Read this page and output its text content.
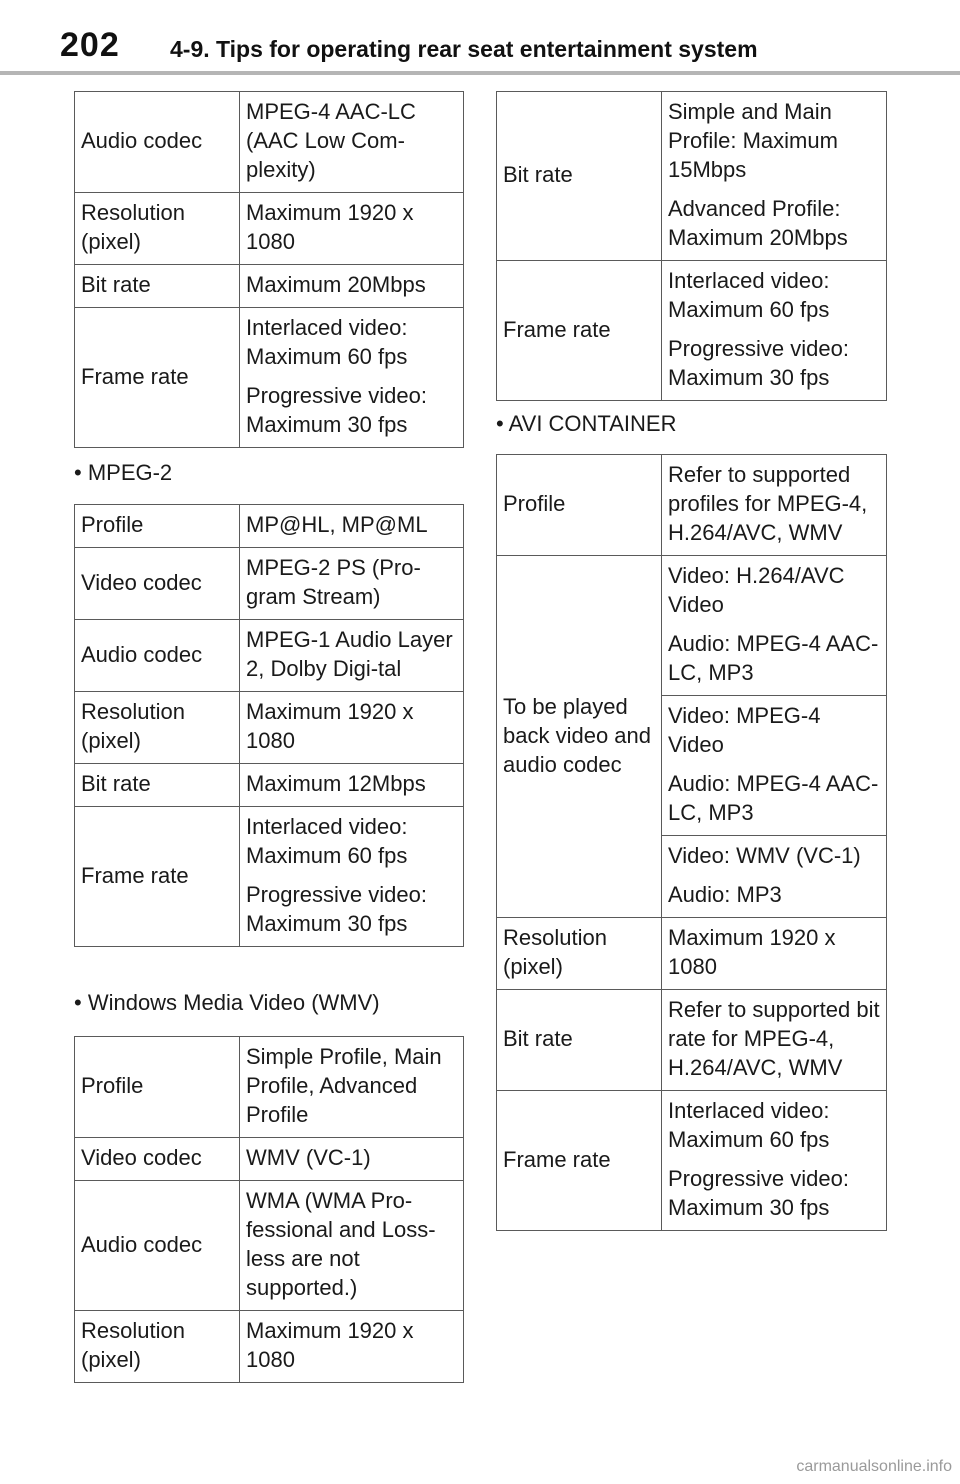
202 4-9. Tips for operating rear seat entertainment system
Audio codec	MPEG-4 AAC-LC (AAC Low Com-plexity)

Resolution (pixel)	Maximum 1920 x 1080

Bit rate	Maximum 20Mbps

Frame rate	Interlaced video: Maximum 60 fps
Progressive video: Maximum 30 fps
• MPEG-2
Profile	MP@HL, MP@ML

Video codec	MPEG-2 PS (Pro-gram Stream)

Audio codec	MPEG-1 Audio Layer 2, Dolby Digi-tal

Resolution (pixel)	Maximum 1920 x 1080

Bit rate	Maximum 12Mbps

Frame rate	Interlaced video: Maximum 60 fps
Progressive video: Maximum 30 fps
• Windows Media Video (WMV)
Profile	Simple Profile, Main Profile, Advanced Profile

Video codec	WMV (VC-1)

Audio codec	WMA (WMA Pro-fessional and Loss-less are not supported.)

Resolution (pixel)	Maximum 1920 x 1080
Bit rate	Simple and Main Profile: Maximum 15Mbps
Advanced Profile: Maximum 20Mbps

Frame rate	Interlaced video: Maximum 60 fps
Progressive video: Maximum 30 fps
• AVI CONTAINER
Profile	Refer to supported profiles for MPEG-4, H.264/AVC, WMV
To be played back video and audio codec	Video: H.264/AVC Video
Audio: MPEG-4 AAC-LC, MP3

	Video: MPEG-4 Video
Audio: MPEG-4 AAC-LC, MP3

	Video: WMV (VC-1)
Audio: MP3

Resolution (pixel)	Maximum 1920 x 1080
Bit rate	Refer to supported bit rate for MPEG-4, H.264/AVC, WMV
Frame rate	Interlaced video: Maximum 60 fps
Progressive video: Maximum 30 fps
carmanualsonline.info
